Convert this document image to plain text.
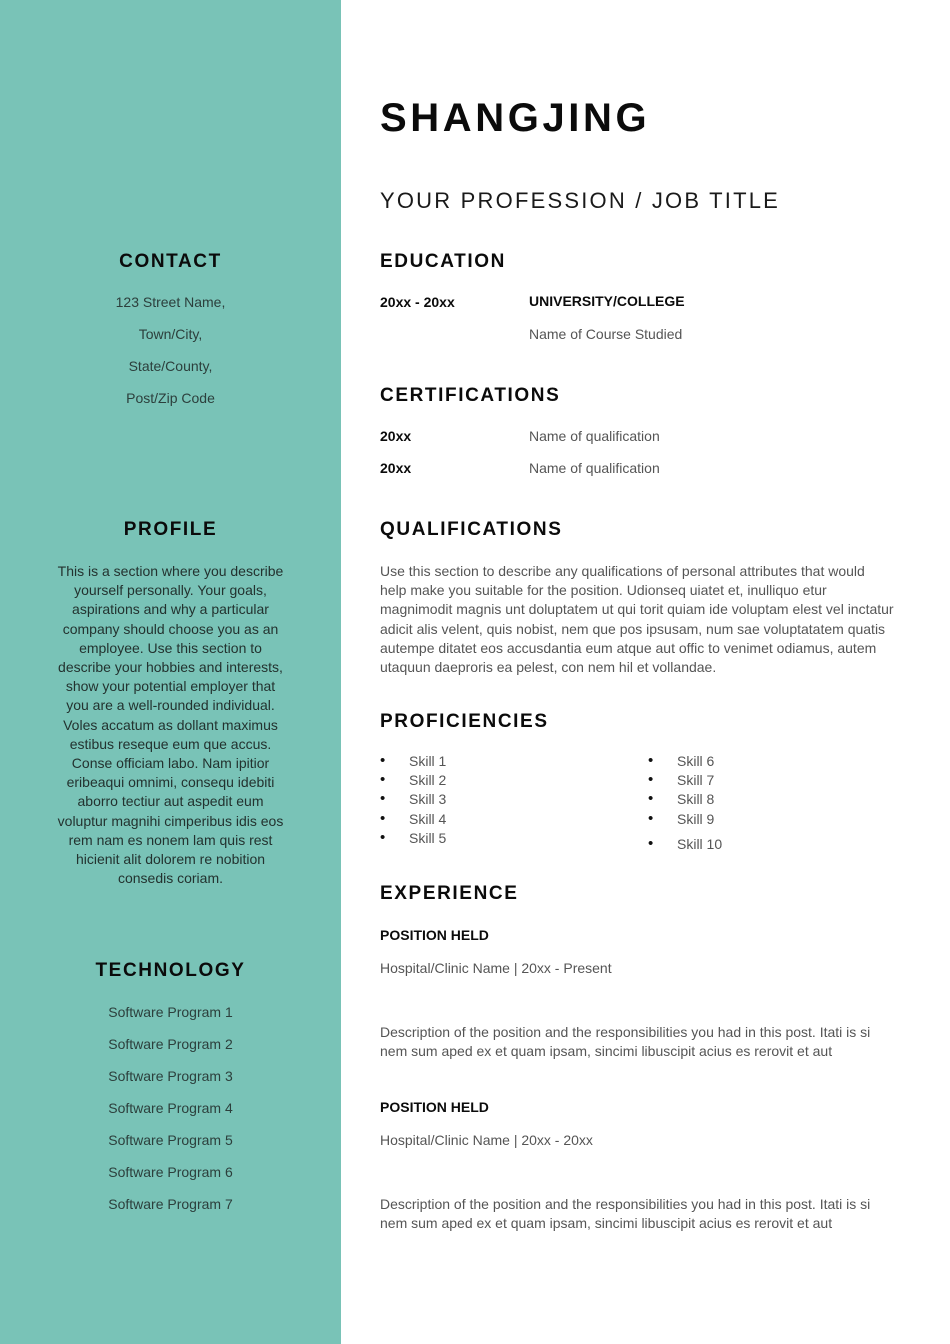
CONTACT
123 Street Name,
Town/City,
State/County,
Post/Zip Code
PROFILE
This is a section where you describe yourself personally. Your goals, aspirations and why a particular company should choose you as an employee. Use this section to describe your hobbies and interests, show your potential employer that you are a well-rounded individual. Voles accatum as dollant maximus estibus reseque eum que accus. Conse officiam labo. Nam ipitior eribeaqui omnimi, consequ idebiti aborro tectiur aut aspedit eum voluptur magnihi cimperibus idis eos rem nam es nonem lam quis rest hicienit alit dolorem re nobition consedis coriam.
TECHNOLOGY
Software Program 1
Software Program 2
Software Program 3
Software Program 4
Software Program 5
Software Program 6
Software Program 7
SHANGJING
YOUR PROFESSION / JOB TITLE
EDUCATION
20xx - 20xx	UNIVERSITY/COLLEGE
Name of Course Studied
CERTIFICATIONS
20xx	Name of qualification
20xx	Name of qualification
QUALIFICATIONS
Use this section to describe any qualifications of personal attributes that would help make you suitable for the position. Udionseq uiatet et, inulliquo etur magnimodit magnis unt doluptatem ut qui torit quiam ide voluptam elest vel inctatur adicit alis velent, quis nobist, nem que pos ipsusam, num sae voluptatatem quatis autempe ditatet eos accusdantia eum atque aut offic to venimet odiamus, autem utaquun daeproris ea pelest, con nem hil et vollandae.
PROFICIENCIES
• Skill 1
• Skill 2
• Skill 3
• Skill 4
• Skill 5
• Skill 6
• Skill 7
• Skill 8
• Skill 9
• Skill 10
EXPERIENCE
POSITION HELD
Hospital/Clinic Name | 20xx - Present
Description of the position and the responsibilities you had in this post. Itati is si nem sum aped ex et quam ipsam, sincimi libuscipit acius es rerovit et aut
POSITION HELD
Hospital/Clinic Name | 20xx - 20xx
Description of the position and the responsibilities you had in this post. Itati is si nem sum aped ex et quam ipsam, sincimi libuscipit acius es rerovit et aut
